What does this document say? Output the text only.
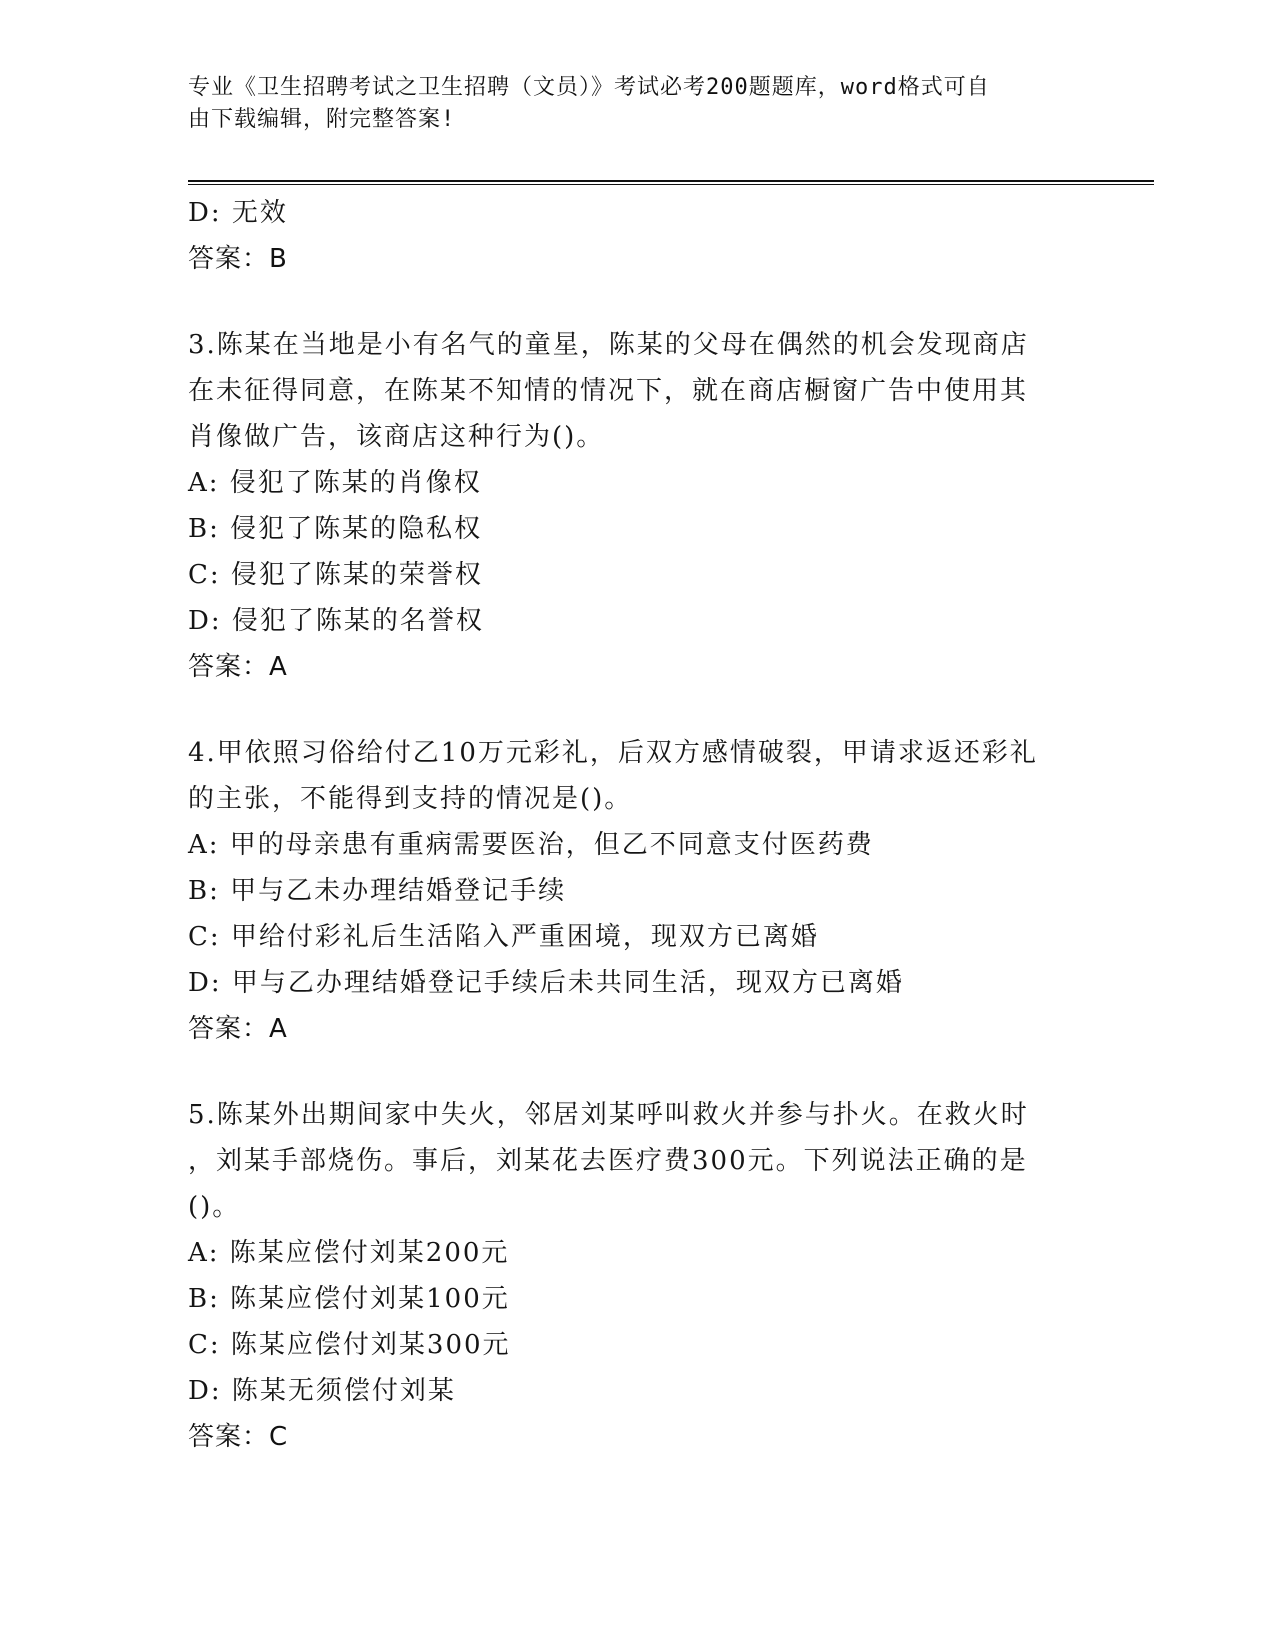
专业《卫生招聘考试之卫生招聘（文员）》考试必考200题题库，word格式可自
由下载编辑，附完整答案!
D: 无效
答案：B
3.陈某在当地是小有名气的童星，陈某的父母在偶然的机会发现商店
在未征得同意，在陈某不知情的情况下，就在商店橱窗广告中使用其
肖像做广告，该商店这种行为()。
A: 侵犯了陈某的肖像权
B: 侵犯了陈某的隐私权
C: 侵犯了陈某的荣誉权
D: 侵犯了陈某的名誉权
答案：A
4.甲依照习俗给付乙10万元彩礼，后双方感情破裂，甲请求返还彩礼
的主张，不能得到支持的情况是()。
A: 甲的母亲患有重病需要医治，但乙不同意支付医药费
B: 甲与乙未办理结婚登记手续
C: 甲给付彩礼后生活陷入严重困境，现双方已离婚
D: 甲与乙办理结婚登记手续后未共同生活，现双方已离婚
答案：A
5.陈某外出期间家中失火，邻居刘某呼叫救火并参与扑火。在救火时
，刘某手部烧伤。事后，刘某花去医疗费300元。下列说法正确的是
()。
A: 陈某应偿付刘某200元
B: 陈某应偿付刘某100元
C: 陈某应偿付刘某300元
D: 陈某无须偿付刘某
答案：C
